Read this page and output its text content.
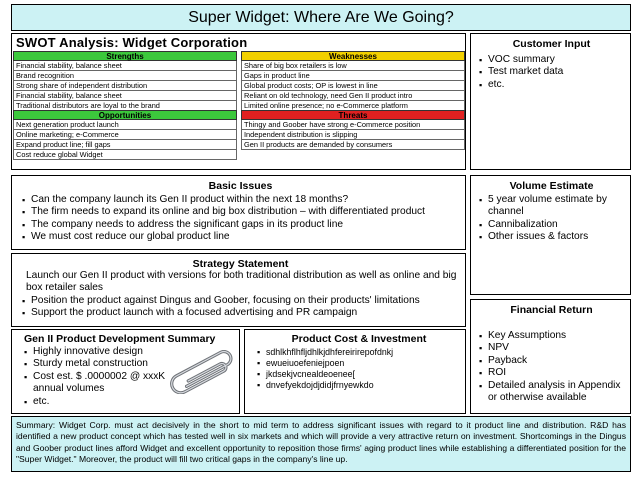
Super Widget: Where Are We Going?
SWOT Analysis: Widget Corporation
Strengths
Financial stability, balance sheet
Brand recognition
Strong share of independent distribution
Financial stability, balance sheet
Traditional distributors are loyal to the brand
Weaknesses
Share of big box retailers is low
Gaps in product line
Global product costs; OP is lowest in line
Reliant on old technology, need Gen II product intro
Limited online presence; no e-Commerce platform
Opportunities
Next generation product launch
Online marketing; e-Commerce
Expand product line; fill gaps
Cost reduce global Widget
Threats
Thingy and Goober have strong e-Commerce position
Independent distribution is slipping
Gen II products are demanded by consumers
Customer Input
▪ VOC summary
▪ Test market data
▪ etc.
Basic Issues
▪ Can the company launch its Gen II product within the next 18 months?
▪ The firm needs to expand its online and big box distribution – with differentiated product
▪ The company needs to address the significant gaps in its product line
▪ We must cost reduce our global product line
Volume Estimate
▪ 5 year volume estimate by channel
▪ Cannibalization
▪ Other issues & factors
Strategy Statement
Launch our Gen II product with versions for both traditional distribution as well as online and big box retailer sales
▪ Position the product against Dingus and Goober, focusing on their products' limitations
▪ Support the product launch with a focused advertising and PR campaign	Financial Return
▪ Key Assumptions
▪ NPV
▪ Payback
▪ ROI
▪ Detailed analysis in Appendix or otherwise available
Gen II Product Development Summary
▪ Highly innovative design
▪ Sturdy metal construction
▪ Cost est. $ .0000002 @ xxxK annual volumes
▪ etc.
Product Cost & Investment
▪ sdhlkhflhfljdhlkjdhfereirirepofdnkj
▪ ewueiuoefeniejpoen
▪ jkdsekjvcnealdeoenee[
▪ dnvefyekdojdjdidjfrnyewkdo
Summary: Widget Corp. must act decisively in the short to mid term to address significant issues with regard to it product line and distribution. R&D has identified a new product concept which has tested well in six markets and which will provide a very attractive return on investment. Shortcomings in the Dingus and Goober product lines afford Widget and excellent opportunity to reposition those firms' aging product lines while establishing a differentiated position for the "Super Widget." Moreover, the product will fill two critical gaps in the company's line up.
